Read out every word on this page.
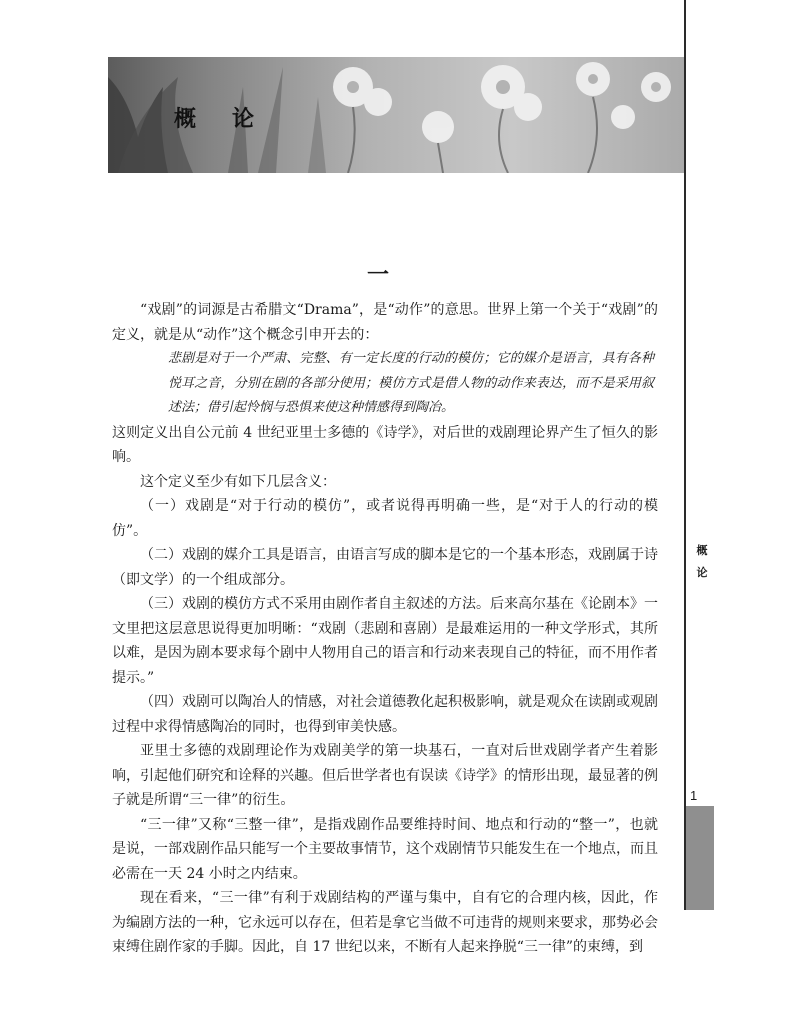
概论
一

“戏剧”的词源是古希腊文“Drama”，是“动作”的意思。世界上第一个关于“戏剧”的定义，就是从“动作”这个概念引申开去的：

悲剧是对于一个严肃、完整、有一定长度的行动的模仿；它的媒介是语言，具有各种悦耳之音，分别在剧的各部分使用；模仿方式是借人物的动作来表达，而不是采用叙述法；借引起怜悯与恐惧来使这种情感得到陶冶。

这则定义出自公元前 4 世纪亚里士多德的《诗学》，对后世的戏剧理论界产生了恒久的影响。

这个定义至少有如下几层含义：

（一）戏剧是“对于行动的模仿”，或者说得再明确一些，是“对于人的行动的模仿”。

（二）戏剧的媒介工具是语言，由语言写成的脚本是它的一个基本形态，戏剧属于诗（即文学）的一个组成部分。

（三）戏剧的模仿方式不采用由剧作者自主叙述的方法。后来高尔基在《论剧本》一文里把这层意思说得更加明晰：“戏剧（悲剧和喜剧）是最难运用的一种文学形式，其所以难，是因为剧本要求每个剧中人物用自己的语言和行动来表现自己的特征，而不用作者提示。”

（四）戏剧可以陶冶人的情感，对社会道德教化起积极影响，就是观众在读剧或观剧过程中求得情感陶冶的同时，也得到审美快感。

亚里士多德的戏剧理论作为戏剧美学的第一块基石，一直对后世戏剧学者产生着影响，引起他们研究和诠释的兴趣。但后世学者也有误读《诗学》的情形出现，最显著的例子就是所谓“三一律”的衍生。

“三一律”又称“三整一律”，是指戏剧作品要维持时间、地点和行动的“整一”，也就是说，一部戏剧作品只能写一个主要故事情节，这个戏剧情节只能发生在一个地点，而且必需在一天 24 小时之内结束。

现在看来，“三一律”有利于戏剧结构的严谨与集中，自有它的合理内核，因此，作为编剧方法的一种，它永远可以存在，但若是拿它当做不可违背的规则来要求，那势必会束缚住剧作家的手脚。因此，自 17 世纪以来，不断有人起来挣脱“三一律”的束缚，到

概
论
1
